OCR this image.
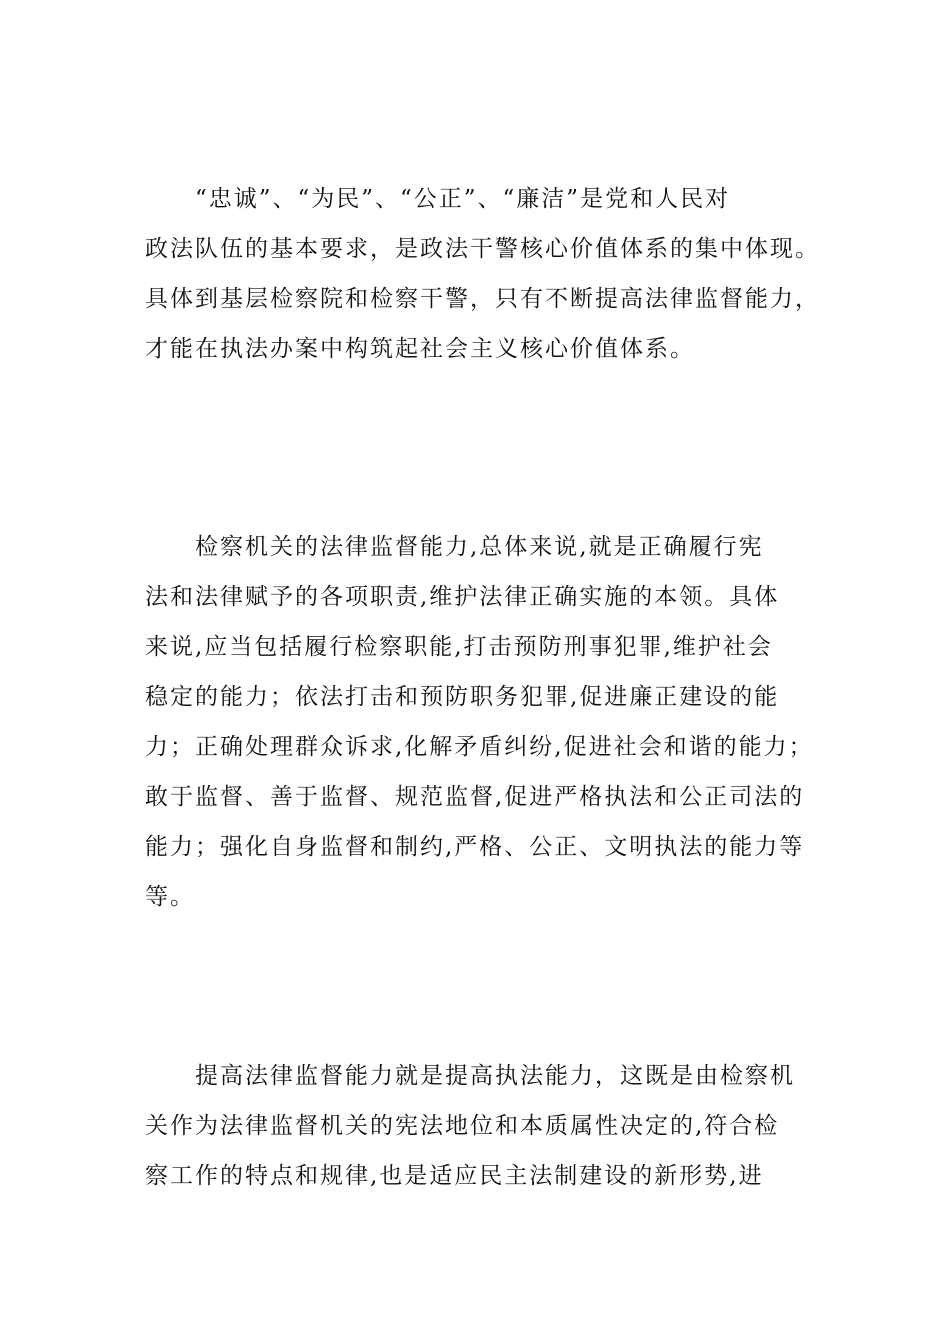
　　“忠诚”、“为民”、“公正”、“廉洁”是党和人民对
政法队伍的基本要求，是政法干警核心价值体系的集中体现。
具体到基层检察院和检察干警，只有不断提高法律监督能力，
才能在执法办案中构筑起社会主义核心价值体系。
　　检察机关的法律监督能力,总体来说,就是正确履行宪
法和法律赋予的各项职责,维护法律正确实施的本领。具体
来说,应当包括履行检察职能,打击预防刑事犯罪,维护社会
稳定的能力；依法打击和预防职务犯罪,促进廉正建设的能
力；正确处理群众诉求,化解矛盾纠纷,促进社会和谐的能力；
敢于监督、善于监督、规范监督,促进严格执法和公正司法的
能力；强化自身监督和制约,严格、公正、文明执法的能力等
等。
　　提高法律监督能力就是提高执法能力，这既是由检察机
关作为法律监督机关的宪法地位和本质属性决定的,符合检
察工作的特点和规律,也是适应民主法制建设的新形势,进
